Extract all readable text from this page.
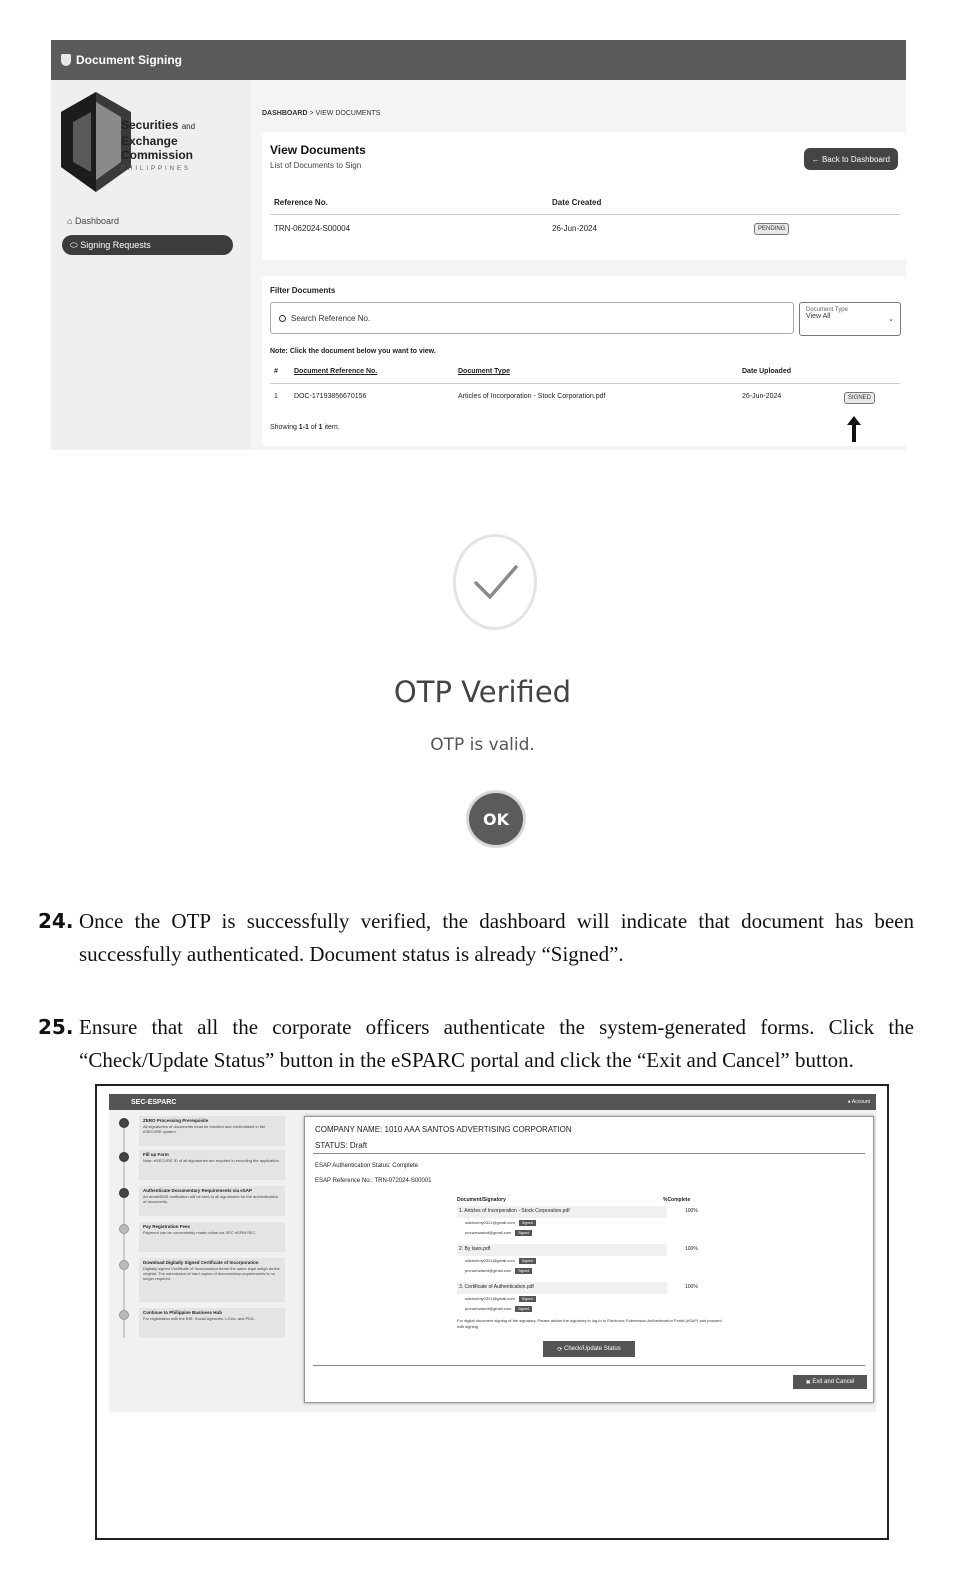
Document Signing
Securities and
Exchange
Commission
PHILIPPINES
⌂ Dashboard
⬭ Signing Requests
DASHBOARD > VIEW DOCUMENTS
View Documents
List of Documents to Sign
← Back to Dashboard
Reference No.	Date Created
TRN-062024-S00004	26-Jun-2024	PENDING
Filter Documents
Search Reference No.
Document Type
View All	⌄
Note: Click the document below you want to view.
# Document Reference No.	Document Type	Date Uploaded
1 DOC-17193856670156	Articles of Incorporation - Stock Corporation.pdf	26-Jun-2024	SIGNED
Showing 1-1 of 1 item.
OTP Verified
OTP is valid.
OK
24. Once the OTP is successfully verified, the dashboard will indicate that document has been successfully authenticated. Document status is already “Signed”.
25. Ensure that all the corporate officers authenticate the system-generated forms. Click the “Check/Update Status” button in the eSPARC portal and click the “Exit and Cancel” button.
SEC-ESPARC	● Account
ZERO Processing Prerequisite
All signatories of documents must be enrolled and credentialed in the eSECURE system.
Fill up Form
Note: eSECURE ID of all signatories are required in encoding the application.
Authenticate Documentary Requirements via eSAP
An email/SMS notification will be sent to all signatories for the authentication of documents.
Pay Registration Fees
Payment can be conveniently made online via SEC eSPAYSEC.
Download Digitally Signed Certificate of Incorporation
Digitally signed Certificate of Incorporation bears the same legal weigh as the original. The submission of hard copies of documentary requirements is no longer required.
Continue to Philippine Business Hub
For registration with the BIR, Social Agencies, LGUs, and PDA.
COMPANY NAME: 1010 AAA SANTOS ADVERTISING CORPORATION
STATUS: Draft
ESAP Authentication Status: Complete
ESAP Reference No.: TRN-072024-S00001
Document/Signatory	%Complete
1. Articles of Incorporation - Stock Corporation.pdf	100%
uatdummy0321@gmail.com	Signed
prcrazrwawrd@gmail.com	Signed
2. By laws.pdf	100%
uatdummy0321@gmail.com	Signed
prcrazrwawrd@gmail.com	Signed
3. Certificate of Authentication.pdf	100%
uatdummy0321@gmail.com	Signed
prcrazrwawrd@gmail.com	Signed
For digital document signing of the signatory. Please advise the signatory to log-in to Electronic Submission Authentication Portal (eSAP) and proceed with signing.
⟳ Check/Update Status
✖ Exit and Cancel
